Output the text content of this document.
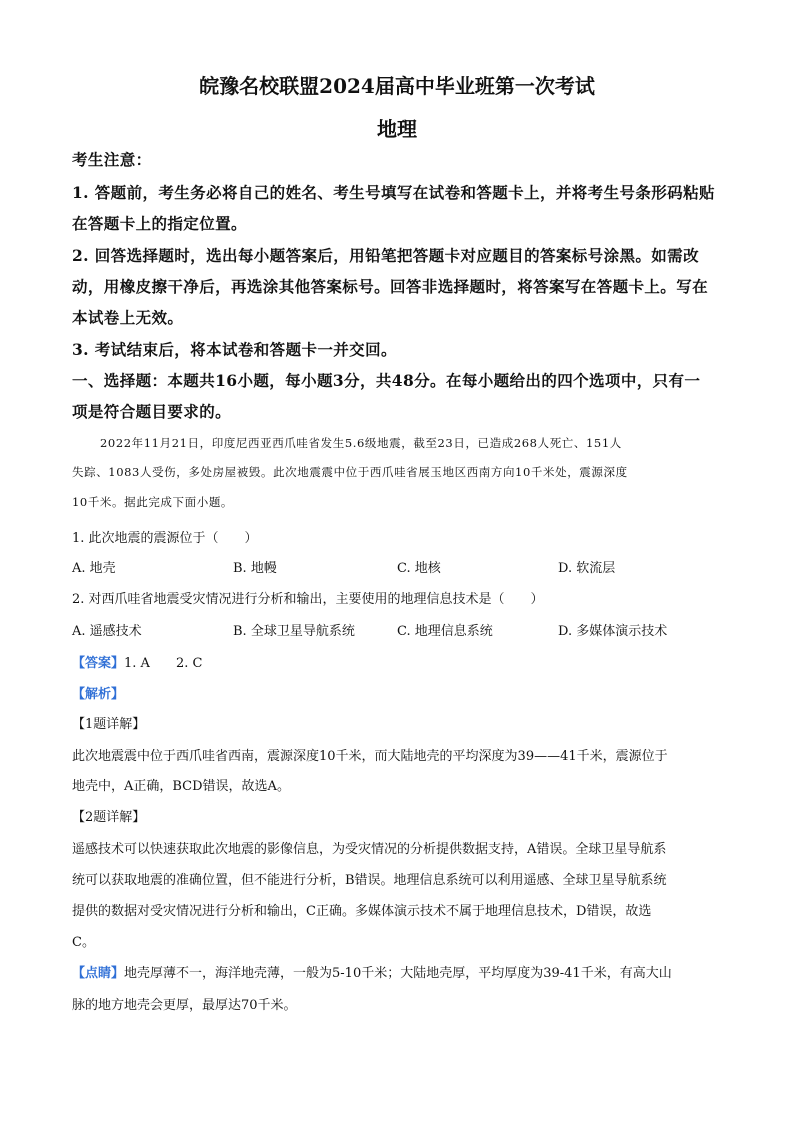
皖豫名校联盟2024届高中毕业班第一次考试
地理
考生注意：
1. 答题前，考生务必将自己的姓名、考生号填写在试卷和答题卡上，并将考生号条形码粘贴
在答题卡上的指定位置。
2. 回答选择题时，选出每小题答案后，用铅笔把答题卡对应题目的答案标号涂黑。如需改
动，用橡皮擦干净后，再选涂其他答案标号。回答非选择题时，将答案写在答题卡上。写在
本试卷上无效。
3. 考试结束后，将本试卷和答题卡一并交回。
一、选择题：本题共16小题，每小题3分，共48分。在每小题给出的四个选项中，只有一
项是符合题目要求的。
2022年11月21日，印度尼西亚西爪哇省发生5.6级地震，截至23日，已造成268人死亡、151人
失踪、1083人受伤，多处房屋被毁。此次地震震中位于西爪哇省展玉地区西南方向10千米处，震源深度
10千米。据此完成下面小题。
1. 此次地震的震源位于（　　）
A. 地壳	B. 地幔	C. 地核	D. 软流层
2. 对西爪哇省地震受灾情况进行分析和输出，主要使用的地理信息技术是（　　）
A. 遥感技术	B. 全球卫星导航系统	C. 地理信息系统	D. 多媒体演示技术
【答案】1. A　　2. C
【解析】
【1题详解】
此次地震震中位于西爪哇省西南，震源深度10千米，而大陆地壳的平均深度为39——41千米，震源位于
地壳中，A正确，BCD错误，故选A。
【2题详解】
遥感技术可以快速获取此次地震的影像信息，为受灾情况的分析提供数据支持，A错误。全球卫星导航系
统可以获取地震的准确位置，但不能进行分析，B错误。地理信息系统可以利用遥感、全球卫星导航系统
提供的数据对受灾情况进行分析和输出，C正确。多媒体演示技术不属于地理信息技术，D错误，故选
C。
【点睛】地壳厚薄不一，海洋地壳薄，一般为5-10千米；大陆地壳厚，平均厚度为39-41千米，有高大山
脉的地方地壳会更厚，最厚达70千米。
